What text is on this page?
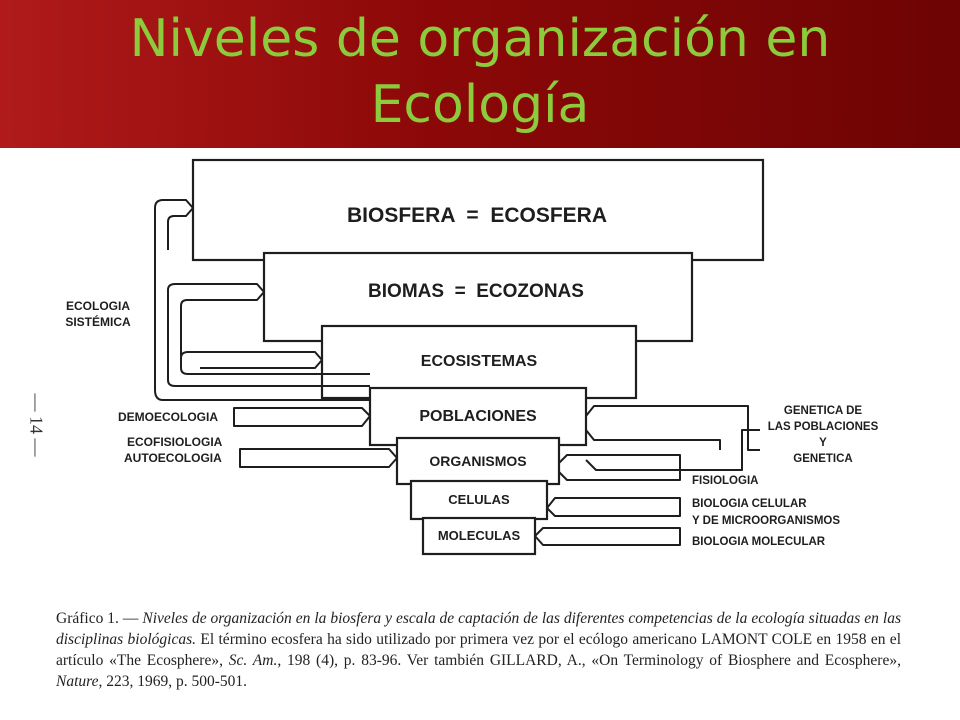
Niveles de organización en
Ecología
BIOSFERA  =  ECOSFERA
BIOMAS  =  ECOZONAS
ECOSISTEMAS
POBLACIONES
ORGANISMOS
CELULAS
MOLECULAS
ECOLOGIA
SISTÉMICA
DEMOECOLOGIA
ECOFISIOLOGIA
AUTOECOLOGIA
GENETICA DE
LAS POBLACIONES
Y
GENETICA
FISIOLOGIA
BIOLOGIA CELULAR
Y DE MICROORGANISMOS
BIOLOGIA MOLECULAR
— 14 —

Gráfico 1. — Niveles de organización en la biosfera y escala de captación de las diferentes competencias de la ecología situadas en las disciplinas biológicas. El término ecosfera ha sido utilizado por primera vez por el ecólogo americano LAMONT COLE en 1958 en el artículo «The Ecosphere», Sc. Am., 198 (4), p. 83-96. Ver también GILLARD, A., «On Terminology of Biosphere and Ecosphere», Nature, 223, 1969, p. 500-501.
